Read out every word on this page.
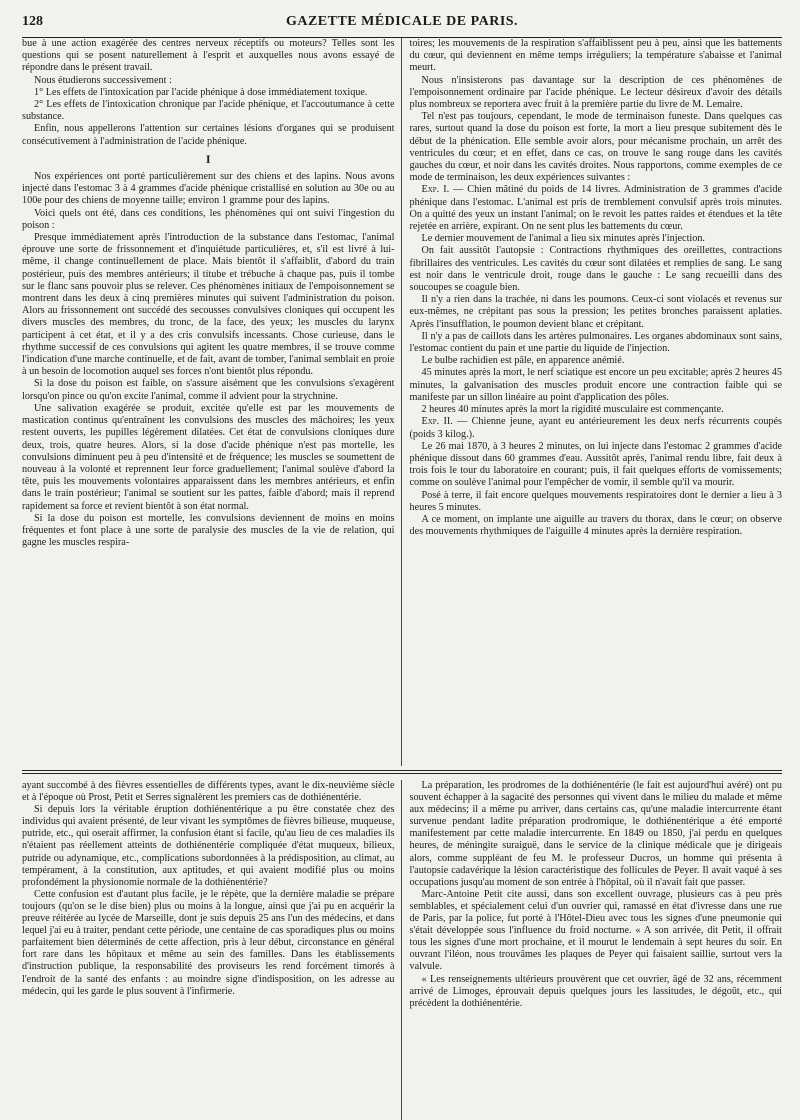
128	GAZETTE MÉDICALE DE PARIS.

bue à une action exagérée des centres nerveux réceptifs ou moteurs? Telles sont les questions qui se posent naturellement à l'esprit et auxquelles nous avons essayé de répondre dans le présent travail.

Nous étudierons successivement :

1° Les effets de l'intoxication par l'acide phénique à dose immédiatement toxique.

2° Les effets de l'intoxication chronique par l'acide phénique, et l'accoutumance à cette substance.

Enfin, nous appellerons l'attention sur certaines lésions d'organes qui se produisent consécutivement à l'administration de l'acide phénique.

I

Nos expériences ont porté particulièrement sur des chiens et des lapins. Nous avons injecté dans l'estomac 3 à 4 grammes d'acide phénique cristallisé en solution au 30e ou au 100e pour des chiens de moyenne taille; environ 1 gramme pour des lapins.

Voici quels ont été, dans ces conditions, les phénomènes qui ont suivi l'ingestion du poison :

Presque immédiatement après l'introduction de la substance dans l'estomac, l'animal éprouve une sorte de frissonnement et d'inquiétude particulières, et, s'il est livré à lui-même, il change continuellement de place. Mais bientôt il s'affaiblit, d'abord du train postérieur, puis des membres antérieurs; il titube et trébuche à chaque pas, puis il tombe sur le flanc sans pouvoir plus se relever. Ces phénomènes initiaux de l'empoisonnement se montrent dans les deux à cinq premières minutes qui suivent l'administration du poison. Alors au frissonnement ont succédé des secousses convulsives cloniques qui occupent les divers muscles des membres, du tronc, de la face, des yeux; les muscles du larynx participent à cet état, et il y a des cris convulsifs incessants. Chose curieuse, dans le rhythme successif de ces convulsions qui agitent les quatre membres, il se trouve comme l'indication d'une marche continuelle, et de fait, avant de tomber, l'animal semblait en proie à un besoin de locomotion auquel ses forces n'ont bientôt plus répondu.

Si la dose du poison est faible, on s'assure aisément que les convulsions s'exagèrent lorsqu'on pince ou qu'on excite l'animal, comme il advient pour la strychnine.

Une salivation exagérée se produit, excitée qu'elle est par les mouvements de mastication continus qu'entraînent les convulsions des muscles des mâchoires; les yeux restent ouverts, les pupilles légèrement dilatées. Cet état de convulsions cloniques dure deux, trois, quatre heures. Alors, si la dose d'acide phénique n'est pas mortelle, les convulsions diminuent peu à peu d'intensité et de fréquence; les muscles se soumettent de nouveau à la volonté et reprennent leur force graduellement; l'animal soulève d'abord la tête, puis les mouvements volontaires apparaissent dans les membres antérieurs, et enfin dans le train postérieur; l'animal se soutient sur les pattes, faible d'abord; mais il reprend rapidement sa force et revient bientôt à son état normal.

Si la dose du poison est mortelle, les convulsions deviennent de moins en moins fréquentes et font place à une sorte de paralysie des muscles de la vie de relation, qui gagne les muscles respira-

toires; les mouvements de la respiration s'affaiblissent peu à peu, ainsi que les battements du cœur, qui deviennent en même temps irréguliers; la température s'abaisse et l'animal meurt.

Nous n'insisterons pas davantage sur la description de ces phénomènes de l'empoisonnement ordinaire par l'acide phénique. Le lecteur désireux d'avoir des détails plus nombreux se reportera avec fruit à la première partie du livre de M. Lemaire.

Tel n'est pas toujours, cependant, le mode de terminaison funeste. Dans quelques cas rares, surtout quand la dose du poison est forte, la mort a lieu presque subitement dès le début de la phénication. Elle semble avoir alors, pour mécanisme prochain, un arrêt des ventricules du cœur; et en effet, dans ce cas, on trouve le sang rouge dans les cavités gauches du cœur, et noir dans les cavités droites. Nous rapportons, comme exemples de ce mode de terminaison, les deux expériences suivantes :

Exp. I. — Chien mâtiné du poids de 14 livres. Administration de 3 grammes d'acide phénique dans l'estomac. L'animal est pris de tremblement convulsif après trois minutes. On a quitté des yeux un instant l'animal; on le revoit les pattes raides et étendues et la tête rejetée en arrière, expirant. On ne sent plus les battements du cœur.

Le dernier mouvement de l'animal a lieu six minutes après l'injection.

On fait aussitôt l'autopsie : Contractions rhythmiques des oreillettes, contractions fibrillaires des ventricules. Les cavités du cœur sont dilatées et remplies de sang. Le sang est noir dans le ventricule droit, rouge dans le gauche : Le sang recueilli dans des soucoupes se coagule bien.

Il n'y a rien dans la trachée, ni dans les poumons. Ceux-ci sont violacés et revenus sur eux-mêmes, ne crépitant pas sous la pression; les petites bronches paraissent aplaties. Après l'insufflation, le poumon devient blanc et crépitant.

Il n'y a pas de caillots dans les artères pulmonaires. Les organes abdominaux sont sains, l'estomac contient du pain et une partie du liquide de l'injection.

Le bulbe rachidien est pâle, en apparence anémié.

45 minutes après la mort, le nerf sciatique est encore un peu excitable; après 2 heures 45 minutes, la galvanisation des muscles produit encore une contraction faible qui se manifeste par un sillon linéaire au point d'application des pôles.

2 heures 40 minutes après la mort la rigidité musculaire est commençante.

Exp. II. — Chienne jeune, ayant eu antérieurement les deux nerfs récurrents coupés (poids 3 kilog.).

Le 26 mai 1870, à 3 heures 2 minutes, on lui injecte dans l'estomac 2 grammes d'acide phénique dissout dans 60 grammes d'eau. Aussitôt après, l'animal rendu libre, fait deux à trois fois le tour du laboratoire en courant; puis, il fait quelques efforts de vomissements; comme on soulève l'animal pour l'empêcher de vomir, il semble qu'il va mourir.

Posé à terre, il fait encore quelques mouvements respiratoires dont le dernier a lieu à 3 heures 5 minutes.

A ce moment, on implante une aiguille au travers du thorax, dans le cœur; on observe des mouvements rhythmiques de l'aiguille 4 minutes après la dernière respiration.

ayant succombé à des fièvres essentielles de différents types, avant le dix-neuvième siècle et à l'époque où Prost, Petit et Serres signalèrent les premiers cas de dothiénentérie.

Si depuis lors la véritable éruption dothiénentérique a pu être constatée chez des individus qui avaient présenté, de leur vivant les symptômes de fièvres bilieuse, muqueuse, putride, etc., qui oserait affirmer, la confusion étant si facile, qu'au lieu de ces maladies ils n'étaient pas réellement atteints de dothiénentérie compliquée d'état muqueux, bilieux, putride ou adynamique, etc., complications subordonnées à la prédisposition, au climat, au tempérament, à la constitution, aux aptitudes, et qui avaient modifié plus ou moins profondément la physionomie normale de la dothiénentérie?

Cette confusion est d'autant plus facile, je le répète, que la dernière maladie se prépare toujours (qu'on se le dise bien) plus ou moins à la longue, ainsi que j'ai pu en acquérir la preuve réitérée au lycée de Marseille, dont je suis depuis 25 ans l'un des médecins, et dans lequel j'ai eu à traiter, pendant cette période, une centaine de cas sporadiques plus ou moins parfaitement bien déterminés de cette affection, pris à leur début, circonstance en général fort rare dans les hôpitaux et même au sein des familles. Dans les établissements d'instruction publique, la responsabilité des proviseurs les rend forcément timorés à l'endroit de la santé des enfants : au moindre signe d'indisposition, on les adresse au médecin, qui les garde le plus souvent à l'infirmerie.

La préparation, les prodromes de la dothiénentérie (le fait est aujourd'hui avéré) ont pu souvent échapper à la sagacité des personnes qui vivent dans le milieu du malade et même aux médecins; il a même pu arriver, dans certains cas, qu'une maladie intercurrente étant survenue pendant ladite préparation prodromique, le dothiénentérique a été emporté manifestement par cette maladie intercurrente. En 1849 ou 1850, j'ai perdu en quelques heures, de méningite suraiguë, dans le service de la clinique médicale que je dirigeais alors, comme suppléant de feu M. le professeur Ducros, un homme qui présenta à l'autopsie cadavérique la lésion caractéristique des follicules de Peyer. Il avait vaqué à ses occupations jusqu'au moment de son entrée à l'hôpital, où il n'avait fait que passer.

Marc-Antoine Petit cite aussi, dans son excellent ouvrage, plusieurs cas à peu près semblables, et spécialement celui d'un ouvrier qui, ramassé en état d'ivresse dans une rue de Paris, par la police, fut porté à l'Hôtel-Dieu avec tous les signes d'une pneumonie qui s'était développée sous l'influence du froid nocturne. « A son arrivée, dit Petit, il offrait tous les signes d'une mort prochaine, et il mourut le lendemain à sept heures du soir. En ouvrant l'iléon, nous trouvâmes les plaques de Peyer qui faisaient saillie, surtout vers la valvule.

« Les renseignements ultérieurs prouvèrent que cet ouvrier, âgé de 32 ans, récemment arrivé de Limoges, éprouvait depuis quelques jours les lassitudes, le dégoût, etc., qui précèdent la dothiénentérie.
